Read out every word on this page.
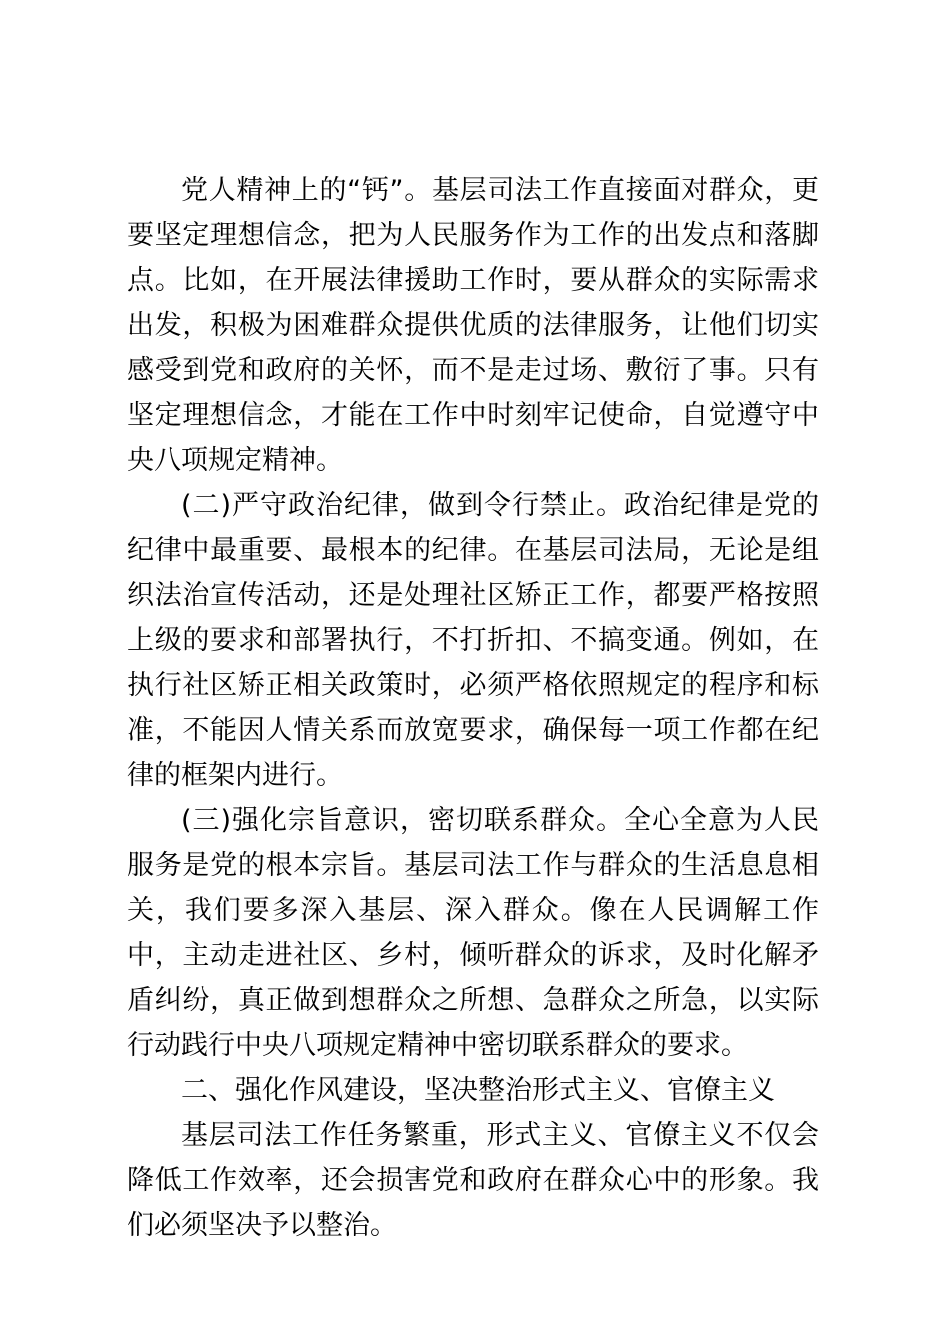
党人精神上的“钙”。基层司法工作直接面对群众，更要坚定理想信念，把为人民服务作为工作的出发点和落脚点。比如，在开展法律援助工作时，要从群众的实际需求出发，积极为困难群众提供优质的法律服务，让他们切实感受到党和政府的关怀，而不是走过场、敷衍了事。只有坚定理想信念，才能在工作中时刻牢记使命，自觉遵守中央八项规定精神。

(二)严守政治纪律，做到令行禁止。政治纪律是党的纪律中最重要、最根本的纪律。在基层司法局，无论是组织法治宣传活动，还是处理社区矫正工作，都要严格按照上级的要求和部署执行，不打折扣、不搞变通。例如，在执行社区矫正相关政策时，必须严格依照规定的程序和标准，不能因人情关系而放宽要求，确保每一项工作都在纪律的框架内进行。

(三)强化宗旨意识，密切联系群众。全心全意为人民服务是党的根本宗旨。基层司法工作与群众的生活息息相关，我们要多深入基层、深入群众。像在人民调解工作中，主动走进社区、乡村，倾听群众的诉求，及时化解矛盾纠纷，真正做到想群众之所想、急群众之所急，以实际行动践行中央八项规定精神中密切联系群众的要求。

二、强化作风建设，坚决整治形式主义、官僚主义

基层司法工作任务繁重，形式主义、官僚主义不仅会降低工作效率，还会损害党和政府在群众心中的形象。我们必须坚决予以整治。
